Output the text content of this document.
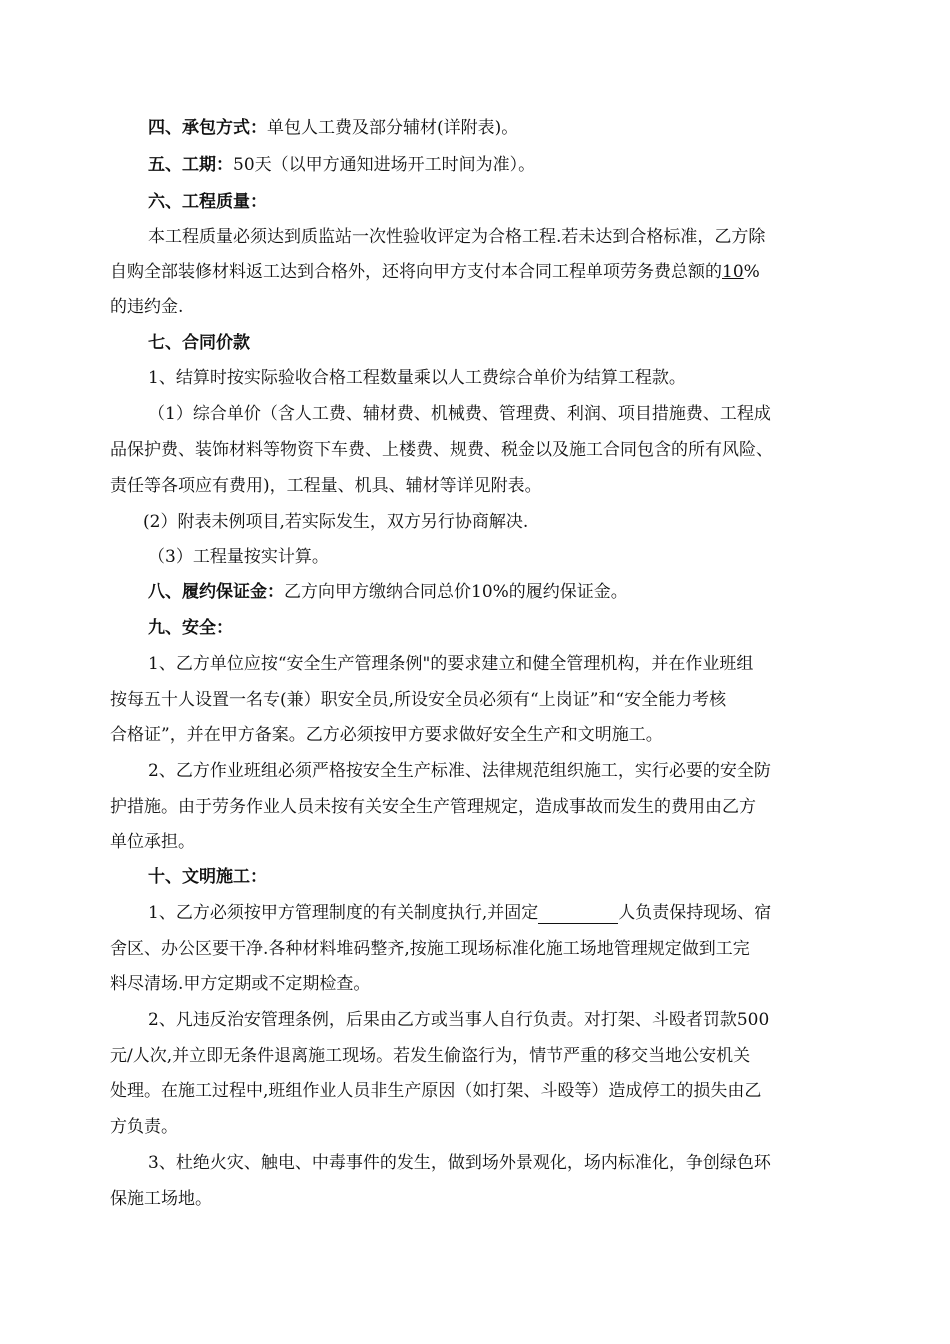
四、承包方式：单包人工费及部分辅材(详附表)。
五、工期：50天（以甲方通知进场开工时间为准）。
六、工程质量：
本工程质量必须达到质监站一次性验收评定为合格工程.若未达到合格标准，乙方除
自购全部装修材料返工达到合格外，还将向甲方支付本合同工程单项劳务费总额的10%
的违约金.
七、合同价款
1、结算时按实际验收合格工程数量乘以人工费综合单价为结算工程款。
（1）综合单价（含人工费、辅材费、机械费、管理费、利润、项目措施费、工程成
品保护费、装饰材料等物资下车费、上楼费、规费、税金以及施工合同包含的所有风险、
责任等各项应有费用)，工程量、机具、辅材等详见附表。
(2）附表未例项目,若实际发生，双方另行协商解决.
（3）工程量按实计算。
八、履约保证金：乙方向甲方缴纳合同总价10%的履约保证金。
九、安全：
1、乙方单位应按“安全生产管理条例"的要求建立和健全管理机构，并在作业班组
按每五十人设置一名专(兼）职安全员,所设安全员必须有“上岗证”和“安全能力考核
合格证”，并在甲方备案。乙方必须按甲方要求做好安全生产和文明施工。
2、乙方作业班组必须严格按安全生产标准、法律规范组织施工，实行必要的安全防
护措施。由于劳务作业人员未按有关安全生产管理规定，造成事故而发生的费用由乙方
单位承担。
十、文明施工：
1、乙方必须按甲方管理制度的有关制度执行,并固定	人负责保持现场、宿
舍区、办公区要干净.各种材料堆码整齐,按施工现场标准化施工场地管理规定做到工完
料尽清场.甲方定期或不定期检查。
2、凡违反治安管理条例，后果由乙方或当事人自行负责。对打架、斗殴者罚款500
元/人次,并立即无条件退离施工现场。若发生偷盗行为，情节严重的移交当地公安机关
处理。在施工过程中,班组作业人员非生产原因（如打架、斗殴等）造成停工的损失由乙
方负责。
3、杜绝火灾、触电、中毒事件的发生，做到场外景观化，场内标准化，争创绿色环
保施工场地。
